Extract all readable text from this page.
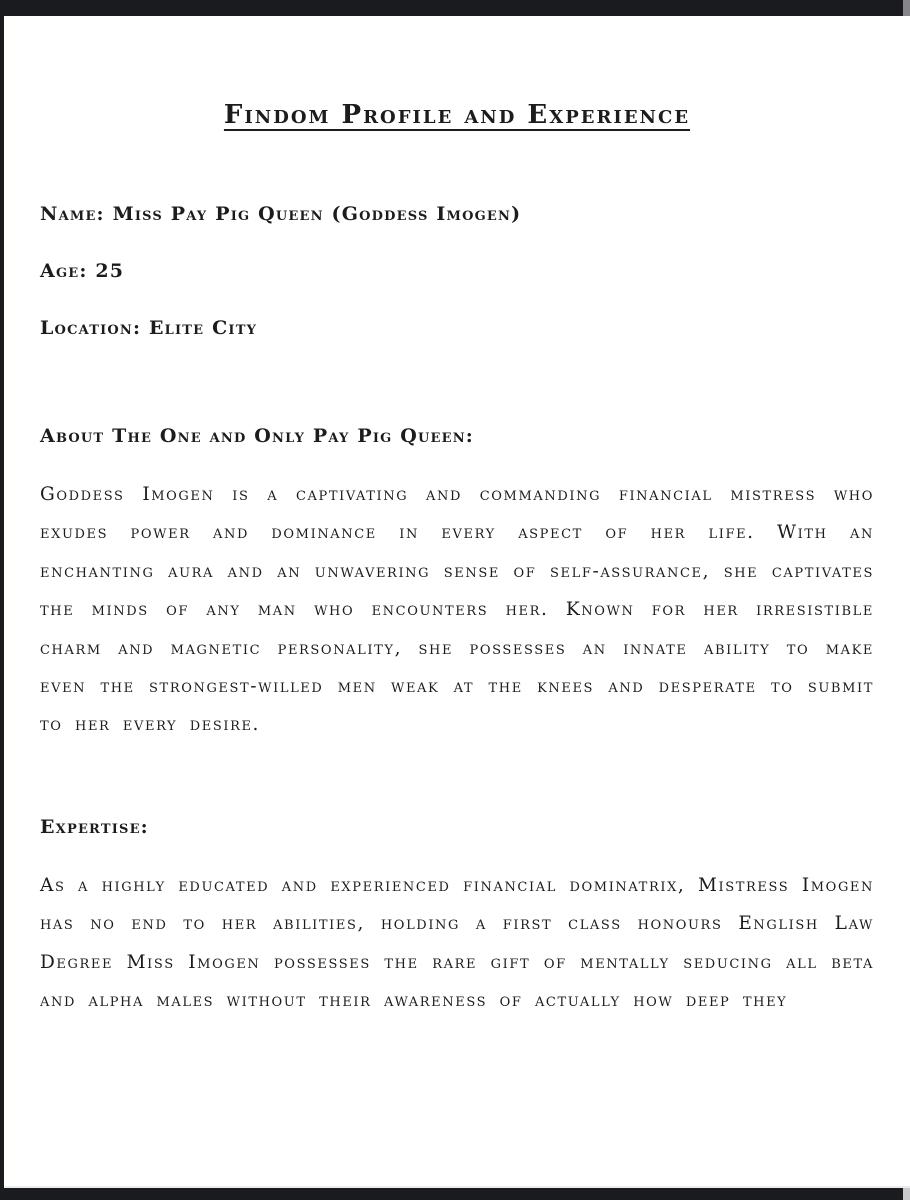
Findom Profile and Experience

Name: Miss Pay Pig Queen (Goddess Imogen)

Age: 25

Location: Elite City

About The One and Only Pay Pig Queen:

Goddess Imogen is a captivating and commanding financial mistress who exudes power and dominance in every aspect of her life. With an enchanting aura and an unwavering sense of self-assurance, she captivates the minds of any man who encounters her. Known for her irresistible charm and magnetic personality, she possesses an innate ability to make even the strongest-willed men weak at the knees and desperate to submit to her every desire.

Expertise:

As a highly educated and experienced financial dominatrix, Mistress Imogen has no end to her abilities, holding a first class honours English Law Degree Miss Imogen possesses the rare gift of mentally seducing all beta and alpha males without their awareness of actually how deep they
